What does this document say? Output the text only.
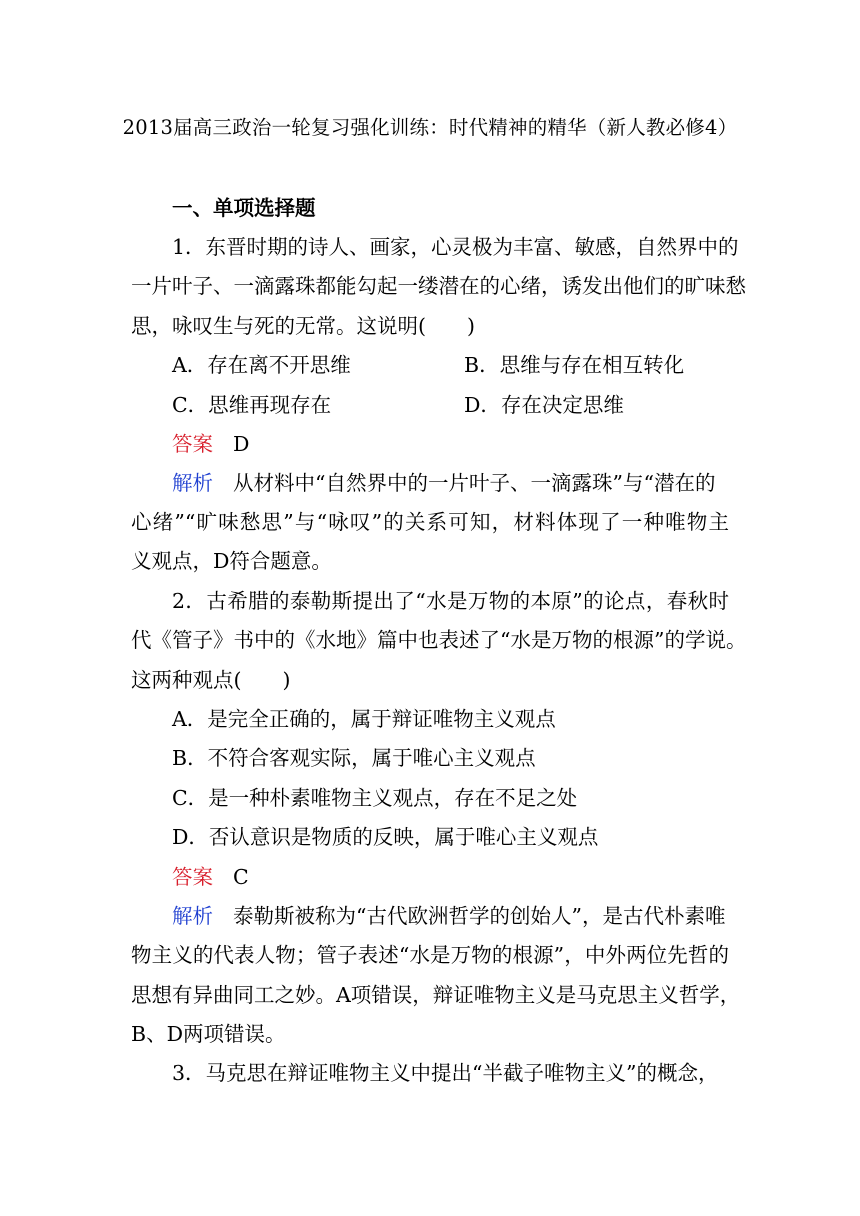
2013届高三政治一轮复习强化训练：时代精神的精华（新人教必修4）
一、单项选择题
1．东晋时期的诗人、画家，心灵极为丰富、敏感，自然界中的
一片叶子、一滴露珠都能勾起一缕潜在的心绪，诱发出他们的旷味愁
思，咏叹生与死的无常。这说明(　　)
A．存在离不开思维	B．思维与存在相互转化
C．思维再现存在	D．存在决定思维
答案 D
解析 从材料中“自然界中的一片叶子、一滴露珠”与“潜在的
心绪”“旷味愁思”与“咏叹”的关系可知，材料体现了一种唯物主
义观点，D符合题意。
2．古希腊的泰勒斯提出了“水是万物的本原”的论点，春秋时
代《管子》书中的《水地》篇中也表述了“水是万物的根源”的学说。
这两种观点(　　)
A．是完全正确的，属于辩证唯物主义观点
B．不符合客观实际，属于唯心主义观点
C．是一种朴素唯物主义观点，存在不足之处
D．否认意识是物质的反映，属于唯心主义观点
答案 C
解析 泰勒斯被称为“古代欧洲哲学的创始人”，是古代朴素唯
物主义的代表人物；管子表述“水是万物的根源”，中外两位先哲的
思想有异曲同工之妙。A项错误，辩证唯物主义是马克思主义哲学，
B、D两项错误。
3．马克思在辩证唯物主义中提出“半截子唯物主义”的概念，
